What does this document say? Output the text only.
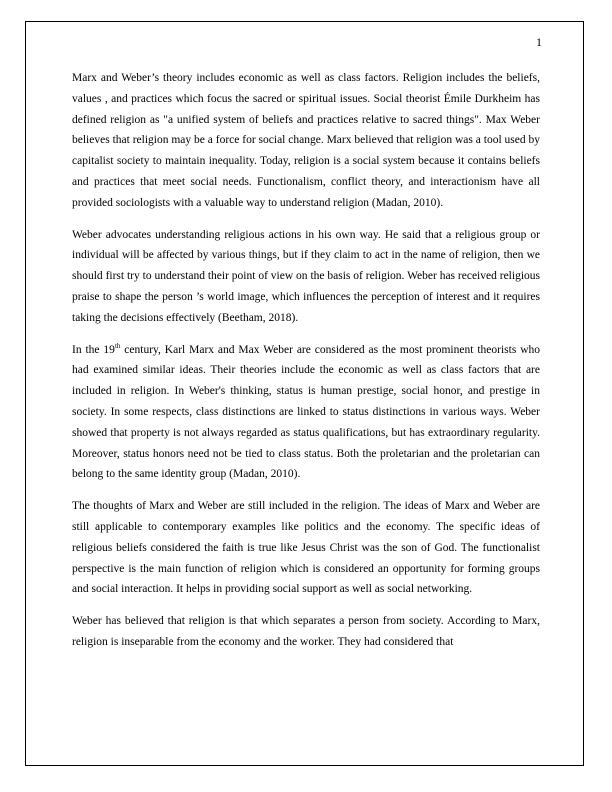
1

Marx and Weber’s theory includes economic as well as class factors. Religion includes the beliefs, values , and practices which focus the sacred or spiritual issues. Social theorist Émile Durkheim has defined religion as "a unified system of beliefs and practices relative to sacred things". Max Weber believes that religion may be a force for social change. Marx believed that religion was a tool used by capitalist society to maintain inequality. Today, religion is a social system because it contains beliefs and practices that meet social needs. Functionalism, conflict theory, and interactionism have all provided sociologists with a valuable way to understand religion (Madan, 2010).

Weber advocates understanding religious actions in his own way. He said that a religious group or individual will be affected by various things, but if they claim to act in the name of religion, then we should first try to understand their point of view on the basis of religion. Weber has received religious praise to shape the person ’s world image, which influences the perception of interest and it requires taking the decisions effectively (Beetham, 2018).

In the 19th century, Karl Marx and Max Weber are considered as the most prominent theorists who had examined similar ideas. Their theories include the economic as well as class factors that are included in religion. In Weber's thinking, status is human prestige, social honor, and prestige in society. In some respects, class distinctions are linked to status distinctions in various ways. Weber showed that property is not always regarded as status qualifications, but has extraordinary regularity. Moreover, status honors need not be tied to class status. Both the proletarian and the proletarian can belong to the same identity group (Madan, 2010).

The thoughts of Marx and Weber are still included in the religion. The ideas of Marx and Weber are still applicable to contemporary examples like politics and the economy. The specific ideas of religious beliefs considered the faith is true like Jesus Christ was the son of God. The functionalist perspective is the main function of religion which is considered an opportunity for forming groups and social interaction. It helps in providing social support as well as social networking.

Weber has believed that religion is that which separates a person from society. According to Marx, religion is inseparable from the economy and the worker. They had considered that
